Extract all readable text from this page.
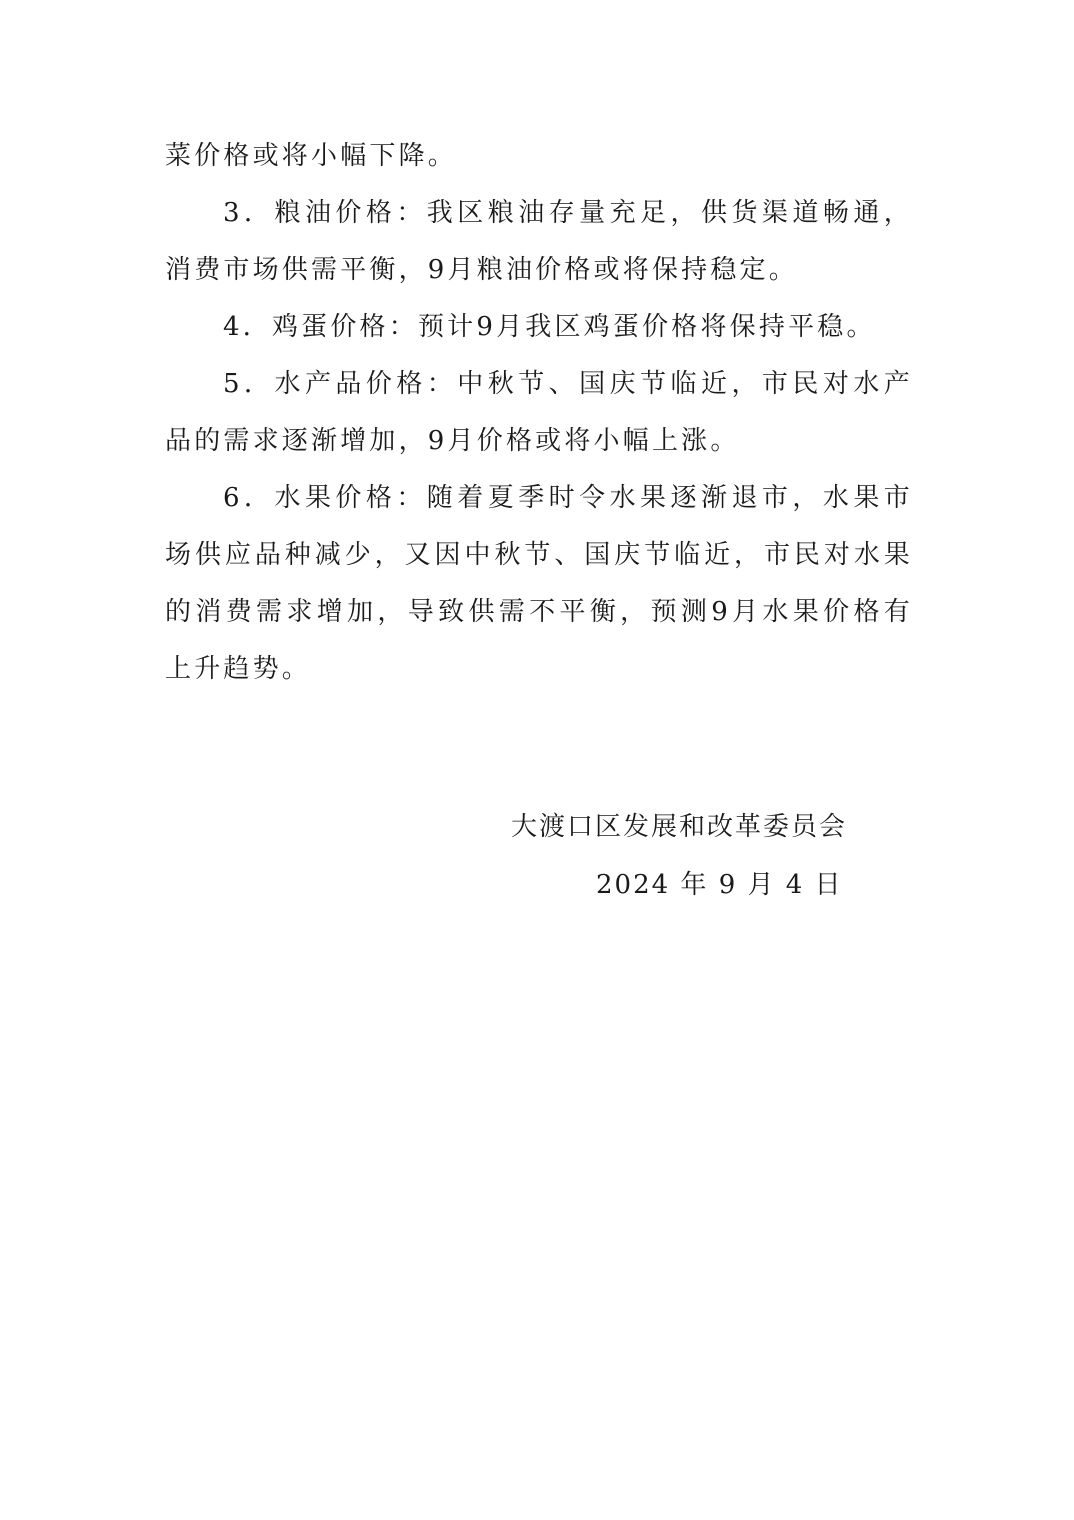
菜价格或将小幅下降。

3．粮油价格：我区粮油存量充足，供货渠道畅通，消费市场供需平衡，9月粮油价格或将保持稳定。

4．鸡蛋价格：预计9月我区鸡蛋价格将保持平稳。

5．水产品价格：中秋节、国庆节临近，市民对水产品的需求逐渐增加，9月价格或将小幅上涨。

6．水果价格：随着夏季时令水果逐渐退市，水果市场供应品种减少，又因中秋节、国庆节临近，市民对水果的消费需求增加，导致供需不平衡，预测9月水果价格有上升趋势。

大渡口区发展和改革委员会
2024 年 9 月 4 日
